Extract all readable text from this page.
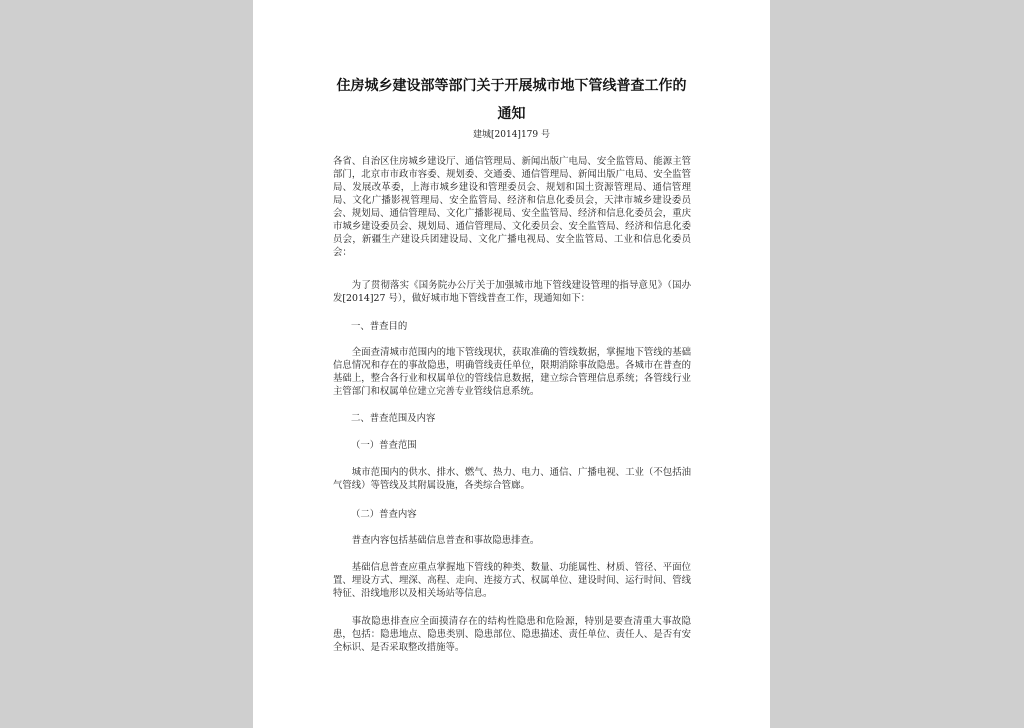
住房城乡建设部等部门关于开展城市地下管线普查工作的
通知
建城[2014]179 号

各省、自治区住房城乡建设厅、通信管理局、新闻出版广电局、安全监管局、能源主管部门，北京市市政市容委、规划委、交通委、通信管理局、新闻出版广电局、安全监管局、发展改革委，上海市城乡建设和管理委员会、规划和国土资源管理局、通信管理局、文化广播影视管理局、安全监管局、经济和信息化委员会，天津市城乡建设委员会、规划局、通信管理局、文化广播影视局、安全监管局、经济和信息化委员会，重庆市城乡建设委员会、规划局、通信管理局、文化委员会、安全监管局、经济和信息化委员会，新疆生产建设兵团建设局、文化广播电视局、安全监管局、工业和信息化委员会：

为了贯彻落实《国务院办公厅关于加强城市地下管线建设管理的指导意见》（国办发[2014]27 号），做好城市地下管线普查工作，现通知如下：

一、普查目的

全面查清城市范围内的地下管线现状，获取准确的管线数据，掌握地下管线的基础信息情况和存在的事故隐患，明确管线责任单位，限期消除事故隐患。各城市在普查的基础上，整合各行业和权属单位的管线信息数据，建立综合管理信息系统；各管线行业主管部门和权属单位建立完善专业管线信息系统。

二、普查范围及内容

（一）普查范围

城市范围内的供水、排水、燃气、热力、电力、通信、广播电视、工业（不包括油气管线）等管线及其附属设施，各类综合管廊。

（二）普查内容

普查内容包括基础信息普查和事故隐患排查。

基础信息普查应重点掌握地下管线的种类、数量、功能属性、材质、管径、平面位置、埋设方式、埋深、高程、走向、连接方式、权属单位、建设时间、运行时间、管线特征、沿线地形以及相关场站等信息。

事故隐患排查应全面摸清存在的结构性隐患和危险源，特别是要查清重大事故隐患，包括：隐患地点、隐患类别、隐患部位、隐患描述、责任单位、责任人、是否有安全标识、是否采取整改措施等。
